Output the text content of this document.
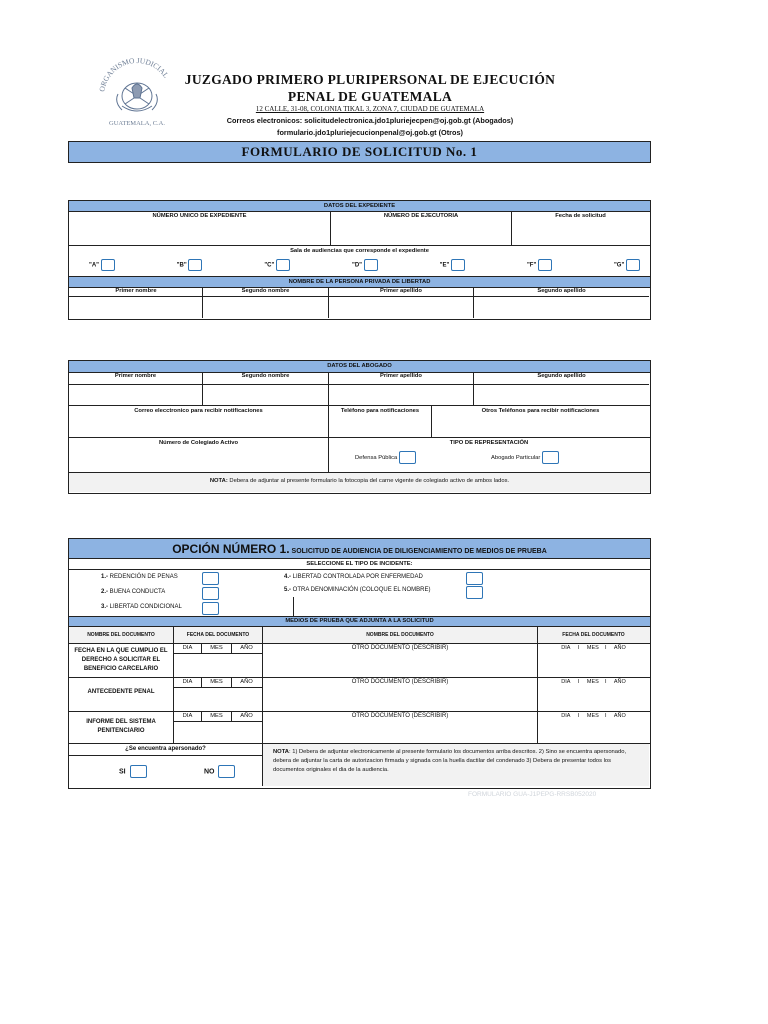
ORGANISMO JUDICIAL
GUATEMALA, C.A.
JUZGADO PRIMERO PLURIPERSONAL DE EJECUCIÓN
PENAL DE GUATEMALA
12 CALLE, 31-08, COLONIA TIKAL 3, ZONA 7, CIUDAD DE GUATEMALA
Correos electronicos: solicitudelectronica.jdo1pluriejecpen@oj.gob.gt (Abogados)
formulario.jdo1pluriejecucionpenal@oj.gob.gt (Otros)
FORMULARIO DE SOLICITUD No. 1
DATOS DEL EXPEDIENTE
NÚMERO UNICO DE EXPEDIENTE	NÚMERO DE EJECUTORIA	Fecha de solicitud
Sala de audiencias que corresponde el expediente
"A"	"B"	"C"	"D"	"E"	"F"	"G"
NOMBRE DE LA PERSONA PRIVADA DE LIBERTAD
Primer nombre	Segundo nombre	Primer apellido	Segundo apellido
DATOS DEL ABOGADO
Primer nombre	Segundo nombre	Primer apellido	Segundo apellido
Correo elecctronico para recibir notificaciones	Teléfono para notificaciones	Otros Teléfonos para recibir notificaciones
Número de Colegiado Activo	TIPO DE REPRESENTACIÓN
Defensa Pública	Abogado Particular
NOTA: Debera de adjuntar al presente formulario la fotocopia del carne vigente de colegiado activo de ambos lados.
OPCIÓN NÚMERO 1. SOLICITUD DE AUDIENCIA DE DILIGENCIAMIENTO DE MEDIOS DE PRUEBA
SELECCIONE EL TIPO DE INCIDENTE:
1.- REDENCIÓN DE PENAS
2.- BUENA CONDUCTA
3.- LIBERTAD CONDICIONAL
4.- LIBERTAD CONTROLADA POR ENFERMEDAD
5.- OTRA DENOMINACIÓN (COLOQUE EL NOMBRE)
MEDIOS DE PRUEBA QUE ADJUNTA A LA SOLICITUD
NOMBRE DEL DOCUMENTO	FECHA DEL DOCUMENTO	NOMBRE DEL DOCUMENTO	FECHA DEL DOCUMENTO
FECHA EN LA QUE CUMPLIO EL DERECHO A SOLICITAR EL BENEFICIO CARCELARIO
DIA	MES	AÑO	OTRO DOCUMENTO (DESCRIBIR)	DIA     I     MES    I     AÑO
ANTECEDENTE PENAL
DIA	MES	AÑO	OTRO DOCUMENTO (DESCRIBIR)	DIA     I     MES    I     AÑO
INFORME DEL SISTEMA PENITENCIARIO
DIA	MES	AÑO	OTRO DOCUMENTO (DESCRIBIR)	DIA     I     MES    I     AÑO
¿Se encuentra apersonado?
SI	NO
NOTA: 1) Debera de adjuntar electronicamente al presente formulario los documentos arriba descritos. 2) Sino se encuentra apersonado, debera de adjuntar la carta de autorizacion firmada y signada con la huella dactilar del condenado 3) Debera de presentar todos los documentos originales el dia de la audiencia.
FORMULARIO GUA-J1PEPG-RRSB052020
